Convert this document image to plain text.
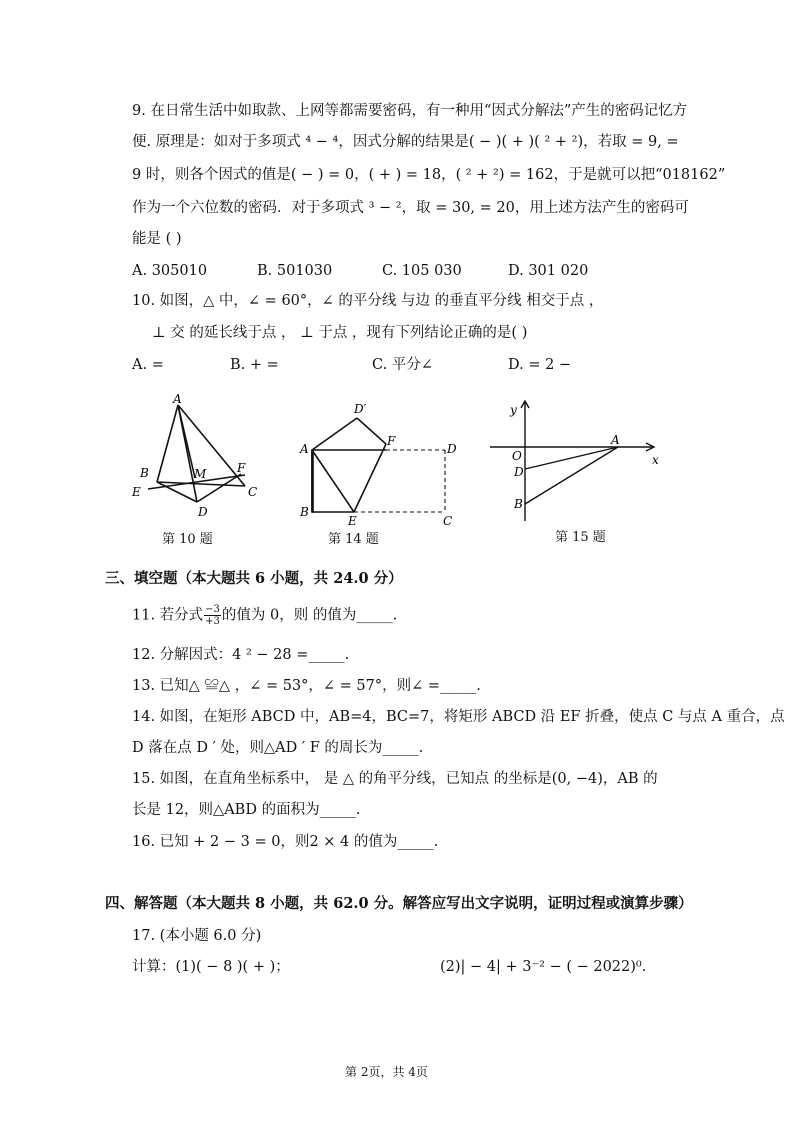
9. 在日常生活中如取款、上网等都需要密码，有一种用“因式分解法”产生的密码记忆方
便. 原理是：如对于多项式 ⁴ − ⁴，因式分解的结果是( − )( + )( ² + ²)，若取 = 9, =
9 时，则各个因式的值是( − ) = 0，( + ) = 18，( ² + ²) = 162，于是就可以把“018162”
作为一个六位数的密码．对于多项式 ³ − ²，取 = 30, = 20，用上述方法产生的密码可
能是 ( )
A. 305010	B. 501030	C. 105 030	D. 301 020
10. 如图，△ 中，∠ = 60°，∠ 的平分线 与边 的垂直平分线 相交于点 ，
⊥ 交 的延长线于点 ， ⊥ 于点 ，现有下列结论正确的是( )
A. =	B. + =	C. 平分∠	D. = 2 −
A
B	M	F
E	C
D
第 10 题
D′
A
F
D
B
E	C
第 14 题
y
O
A
x
D
B
第 15 题
三、填空题（本大题共 6 小题，共 24.0 分）
11. 若分式 $\frac{-3}{+3}$ 的值为 0，则 的值为_____.
12. 分解因式：4 ² − 28 =_____.
13. 已知△ ≌△ ，∠ = 53°，∠ = 57°，则∠ =_____.
14. 如图，在矩形 ABCD 中，AB=4，BC=7，将矩形 ABCD 沿 EF 折叠，使点 C 与点 A 重合，点
D 落在点 D ′ 处，则△AD ′ F 的周长为_____.
15. 如图，在直角坐标系中， 是 △ 的角平分线，已知点 的坐标是(0, −4)，AB 的
长是 12，则△ABD 的面积为_____.
16. 已知 + 2 − 3 = 0，则2 × 4 的值为_____.
四、解答题（本大题共 8 小题，共 62.0 分。解答应写出文字说明，证明过程或演算步骤）
17. (本小题 6.0 分)
计算：(1)( − 8 )( + )；	(2)| − 4| + 3⁻² − ( − 2022)⁰.
第 2页，共 4页
